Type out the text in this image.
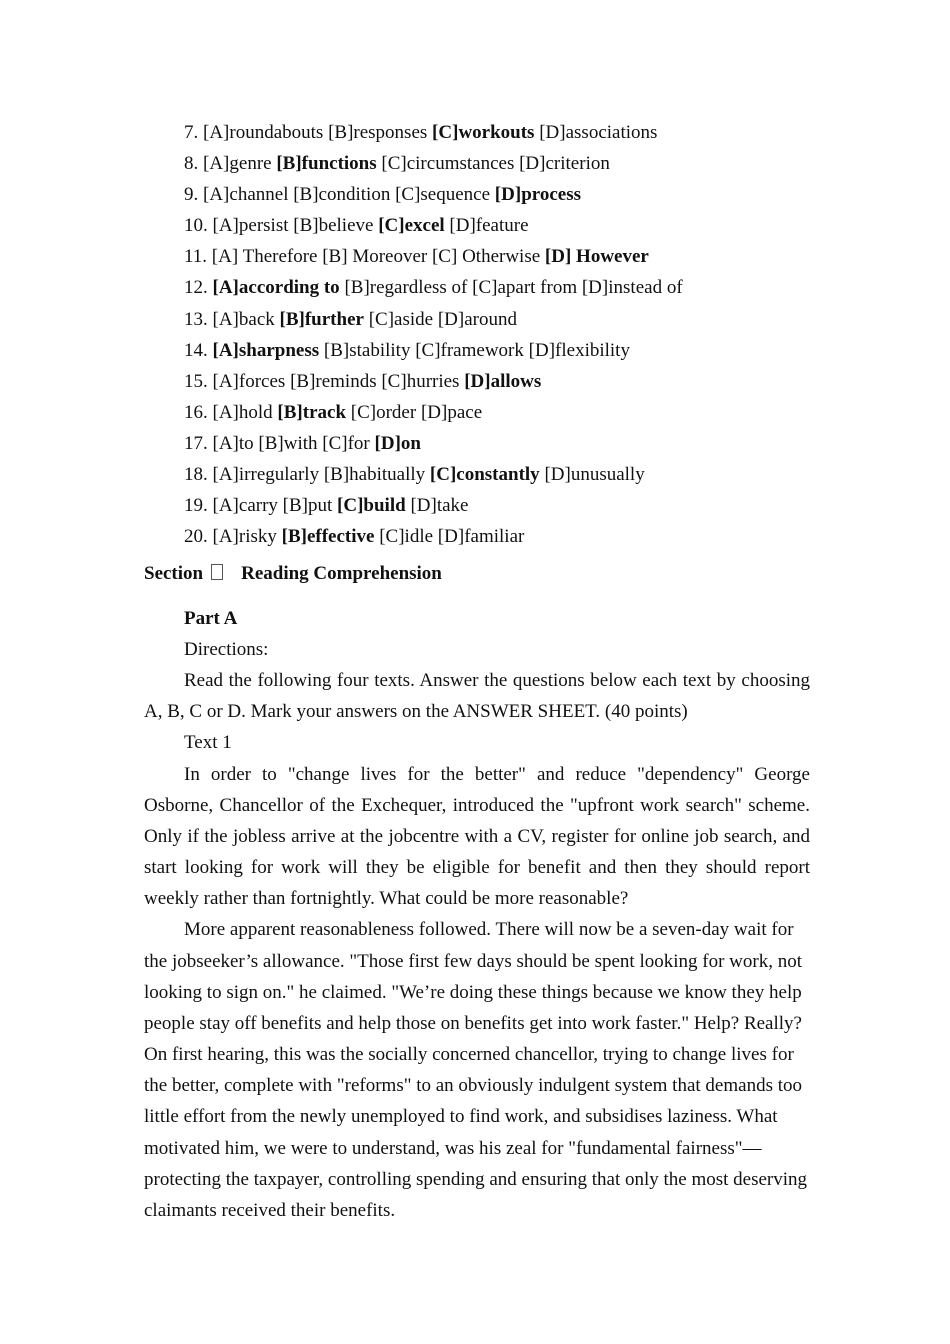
7. [A]roundabouts [B]responses [C]workouts [D]associations
8. [A]genre [B]functions [C]circumstances [D]criterion
9. [A]channel [B]condition [C]sequence [D]process
10. [A]persist [B]believe [C]excel [D]feature
11. [A] Therefore [B] Moreover [C] Otherwise [D] However
12. [A]according to [B]regardless of [C]apart from [D]instead of
13. [A]back [B]further [C]aside [D]around
14. [A]sharpness [B]stability [C]framework [D]flexibility
15. [A]forces [B]reminds [C]hurries [D]allows
16. [A]hold [B]track [C]order [D]pace
17. [A]to [B]with [C]for [D]on
18. [A]irregularly [B]habitually [C]constantly [D]unusually
19. [A]carry [B]put [C]build [D]take
20. [A]risky [B]effective [C]idle [D]familiar
Section Reading Comprehension
Part A

Directions:

Read the following four texts. Answer the questions below each text by choosing A, B, C or D. Mark your answers on the ANSWER SHEET. (40 points)

Text 1

In order to "change lives for the better" and reduce "dependency" George Osborne, Chancellor of the Exchequer, introduced the "upfront work search" scheme. Only if the jobless arrive at the jobcentre with a CV, register for online job search, and start looking for work will they be eligible for benefit and then they should report weekly rather than fortnightly. What could be more reasonable?

More apparent reasonableness followed. There will now be a seven-day wait for the jobseeker’s allowance. "Those first few days should be spent looking for work, not looking to sign on." he claimed. "We’re doing these things because we know they help people stay off benefits and help those on benefits get into work faster." Help? Really? On first hearing, this was the socially concerned chancellor, trying to change lives for the better, complete with "reforms" to an obviously indulgent system that demands too little effort from the newly unemployed to find work, and subsidises laziness. What motivated him, we were to understand, was his zeal for "fundamental fairness"— protecting the taxpayer, controlling spending and ensuring that only the most deserving claimants received their benefits.
